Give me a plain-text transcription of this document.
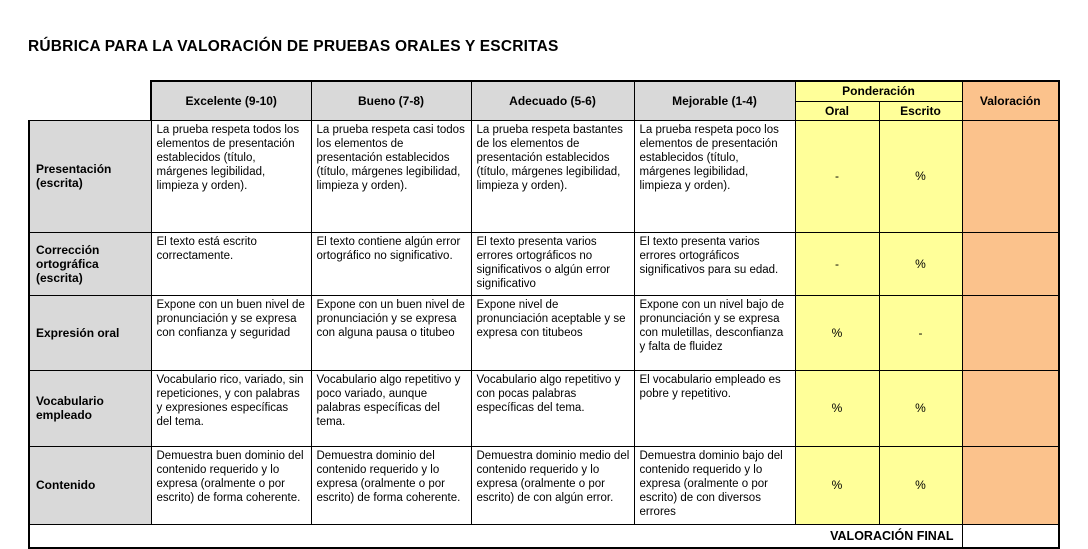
RÚBRICA PARA LA VALORACIÓN DE PRUEBAS ORALES Y ESCRITAS
	Excelente (9-10)	Bueno (7-8)	Adecuado (5-6)	Mejorable (1-4)	Ponderación		Valoración
					Oral	Escrito	
Presentación (escrita)	La prueba respeta todos los elementos de presentación establecidos (título, márgenes legibilidad, limpieza y orden).	La prueba respeta casi todos los elementos de presentación establecidos (título, márgenes legibilidad, limpieza y orden).	La prueba respeta bastantes de los elementos de presentación establecidos (título, márgenes legibilidad, limpieza y orden).	La prueba respeta poco los elementos de presentación establecidos (título, márgenes legibilidad, limpieza y orden).	-	%	
Corrección ortográfica (escrita)	El texto está escrito correctamente.	El texto contiene algún error ortográfico no significativo.	El texto presenta varios errores ortográficos no significativos o algún error significativo	El texto presenta varios errores ortográficos significativos para su edad.	-	%	
Expresión oral	Expone con un buen nivel de pronunciación y se expresa con confianza y seguridad	Expone con un buen nivel de pronunciación y se expresa con alguna pausa o titubeo	Expone nivel de pronunciación aceptable y se expresa con titubeos	Expone con un nivel bajo de pronunciación y se expresa con muletillas, desconfianza y falta de fluidez	%	-	
Vocabulario empleado	Vocabulario rico, variado, sin repeticiones, y con palabras y expresiones específicas del tema.	Vocabulario algo repetitivo y poco variado, aunque palabras específicas del tema.	Vocabulario algo repetitivo y con pocas palabras específicas del tema.	El vocabulario empleado es pobre y repetitivo.	%	%	
Contenido	Demuestra buen dominio del contenido requerido y lo expresa (oralmente o por escrito) de forma coherente.	Demuestra dominio del contenido requerido y lo expresa (oralmente o por escrito) de forma coherente.	Demuestra dominio medio del contenido requerido y lo expresa (oralmente o por escrito) de con algún error.	Demuestra dominio bajo del contenido requerido y lo expresa (oralmente o por escrito) de con diversos errores	%	%	
VALORACIÓN FINAL							
